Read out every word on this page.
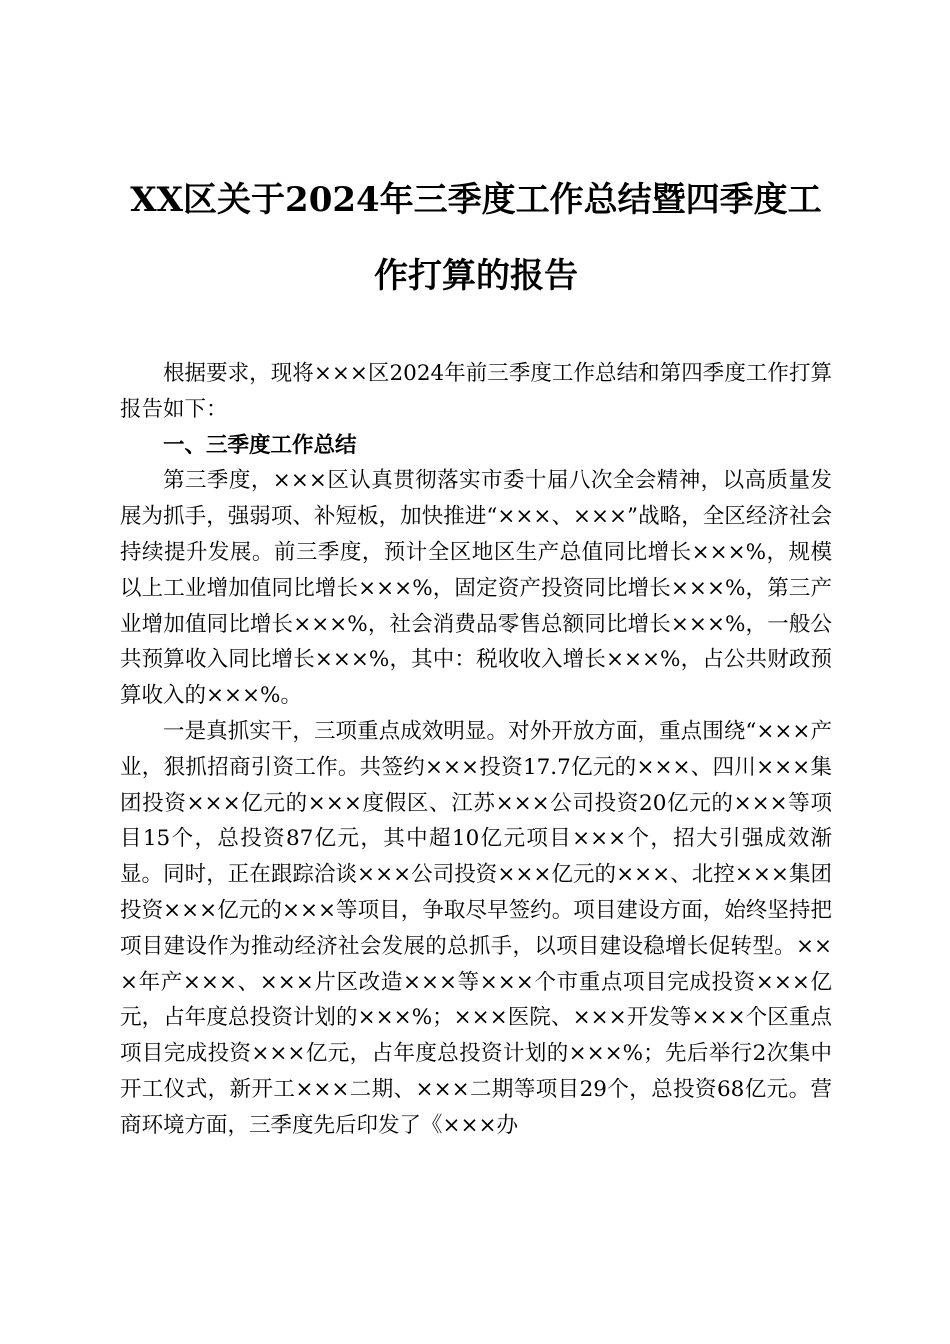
XX区关于2024年三季度工作总结暨四季度工
作打算的报告

根据要求，现将×××区2024年前三季度工作总结和第四季度工作打算报告如下：

一、三季度工作总结

第三季度，×××区认真贯彻落实市委十届八次全会精神，以高质量发展为抓手，强弱项、补短板，加快推进“×××、×××”战略，全区经济社会持续提升发展。前三季度，预计全区地区生产总值同比增长×××%，规模以上工业增加值同比增长×××%，固定资产投资同比增长×××%，第三产业增加值同比增长×××%，社会消费品零售总额同比增长×××%，一般公共预算收入同比增长×××%，其中：税收收入增长×××%，占公共财政预算收入的×××%。

一是真抓实干，三项重点成效明显。对外开放方面，重点围绕“×××产业，狠抓招商引资工作。共签约×××投资17.7亿元的×××、四川×××集团投资×××亿元的×××度假区、江苏×××公司投资20亿元的×××等项目15个，总投资87亿元，其中超10亿元项目×××个，招大引强成效渐显。同时，正在跟踪洽谈×××公司投资×××亿元的×××、北控×××集团投资×××亿元的×××等项目，争取尽早签约。项目建设方面，始终坚持把项目建设作为推动经济社会发展的总抓手，以项目建设稳增长促转型。×××年产×××、×××片区改造×××等×××个市重点项目完成投资×××亿元，占年度总投资计划的×××%；×××医院、×××开发等×××个区重点项目完成投资×××亿元，占年度总投资计划的×××%；先后举行2次集中开工仪式，新开工×××二期、×××二期等项目29个，总投资68亿元。营商环境方面，三季度先后印发了《×××办
